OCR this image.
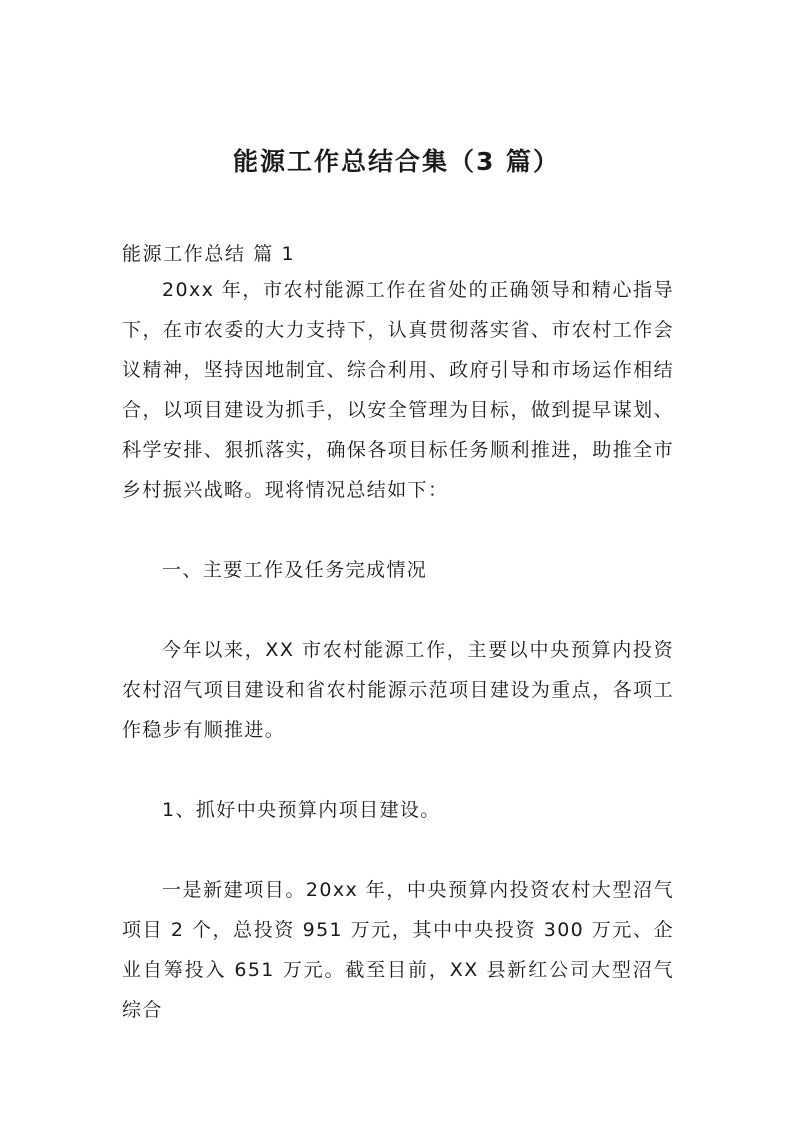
能源工作总结合集（3 篇）

能源工作总结 篇 1

20xx 年，市农村能源工作在省处的正确领导和精心指导下，在市农委的大力支持下，认真贯彻落实省、市农村工作会议精神，坚持因地制宜、综合利用、政府引导和市场运作相结合，以项目建设为抓手，以安全管理为目标，做到提早谋划、科学安排、狠抓落实，确保各项目标任务顺利推进，助推全市乡村振兴战略。现将情况总结如下：

一、主要工作及任务完成情况

今年以来，XX 市农村能源工作，主要以中央预算内投资农村沼气项目建设和省农村能源示范项目建设为重点，各项工作稳步有顺推进。

1、抓好中央预算内项目建设。

一是新建项目。20xx 年，中央预算内投资农村大型沼气项目 2 个，总投资 951 万元，其中中央投资 300 万元、企业自筹投入 651 万元。截至目前，XX 县新红公司大型沼气综合
